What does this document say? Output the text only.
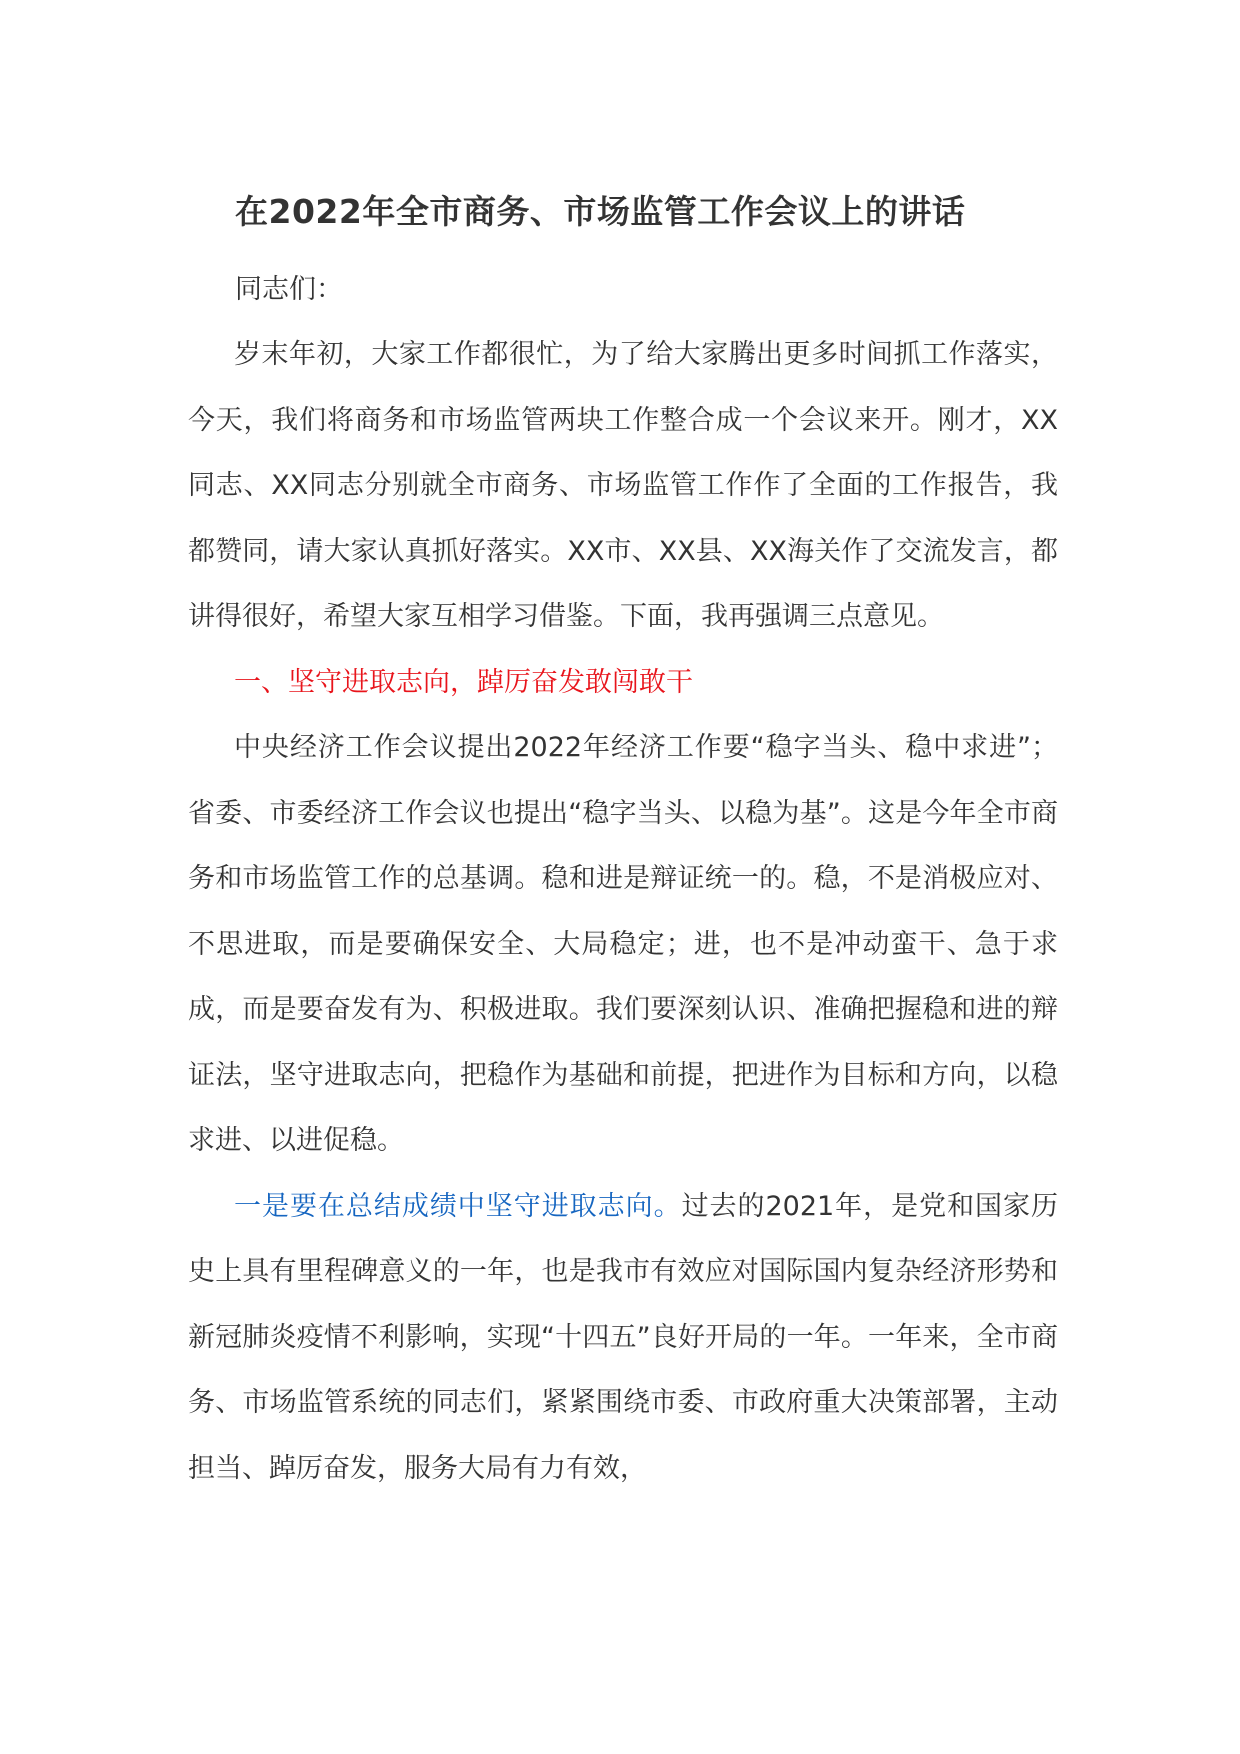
在2022年全市商务、市场监管工作会议上的讲话

同志们：

岁末年初，大家工作都很忙，为了给大家腾出更多时间抓工作落实，今天，我们将商务和市场监管两块工作整合成一个会议来开。刚才，XX同志、XX同志分别就全市商务、市场监管工作作了全面的工作报告，我都赞同，请大家认真抓好落实。XX市、XX县、XX海关作了交流发言，都讲得很好，希望大家互相学习借鉴。下面，我再强调三点意见。

一、坚守进取志向，踔厉奋发敢闯敢干

中央经济工作会议提出2022年经济工作要“稳字当头、稳中求进”；省委、市委经济工作会议也提出“稳字当头、以稳为基”。这是今年全市商务和市场监管工作的总基调。稳和进是辩证统一的。稳，不是消极应对、不思进取，而是要确保安全、大局稳定；进，也不是冲动蛮干、急于求成，而是要奋发有为、积极进取。我们要深刻认识、准确把握稳和进的辩证法，坚守进取志向，把稳作为基础和前提，把进作为目标和方向，以稳求进、以进促稳。

一是要在总结成绩中坚守进取志向。过去的2021年，是党和国家历史上具有里程碑意义的一年，也是我市有效应对国际国内复杂经济形势和新冠肺炎疫情不利影响，实现“十四五”良好开局的一年。一年来，全市商务、市场监管系统的同志们，紧紧围绕市委、市政府重大决策部署，主动担当、踔厉奋发，服务大局有力有效，
